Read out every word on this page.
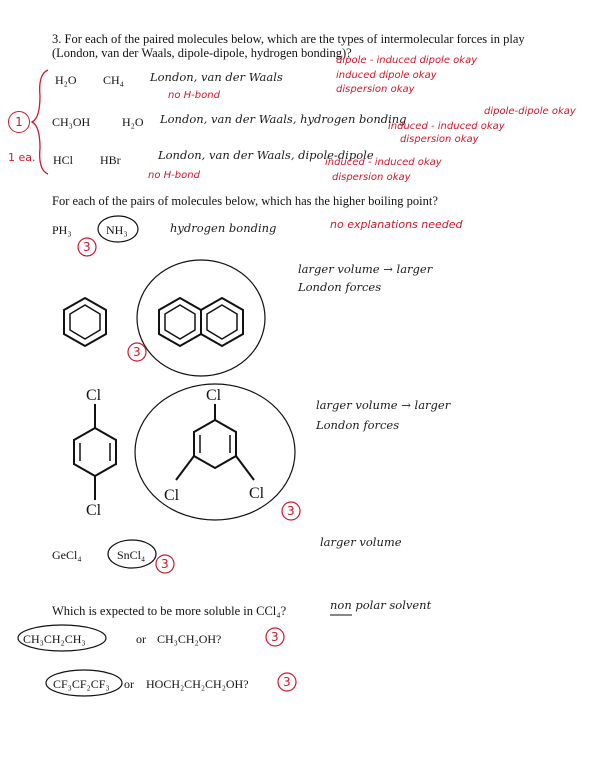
3. For each of the paired molecules below, which are the types of intermolecular forces in play
(London, van der Waals, dipole-dipole, hydrogen bonding)?
H₂O CH₄ London, van der Waals
dipole - induced dipole okay
induced dipole okay
dispersion okay
no H-bond
CH₃OH	H₂O London, van der Waals, hydrogen bonding
dipole-dipole okay
induced - induced okay
dispersion okay
HCl HBr	London, van der Waals, dipole-dipole
induced - induced okay
dispersion okay
no H-bond
1
1 ea.
For each of the pairs of molecules below, which has the higher boiling point?
PH₃	NH₃	hydrogen bonding	no explanations needed
3
larger volume → larger
London forces
3
Cl
Cl
Cl
Cl	Cl
larger volume → larger
London forces
3
GeCl₄	SnCl₄
larger volume
3
Which is expected to be more soluble in CCl₄?	non polar solvent
CH₃CH₂CH₃	or CH₃CH₂OH?	3
CF₃CF₂CF₃ or HOCH₂CH₂CH₂OH?	3
